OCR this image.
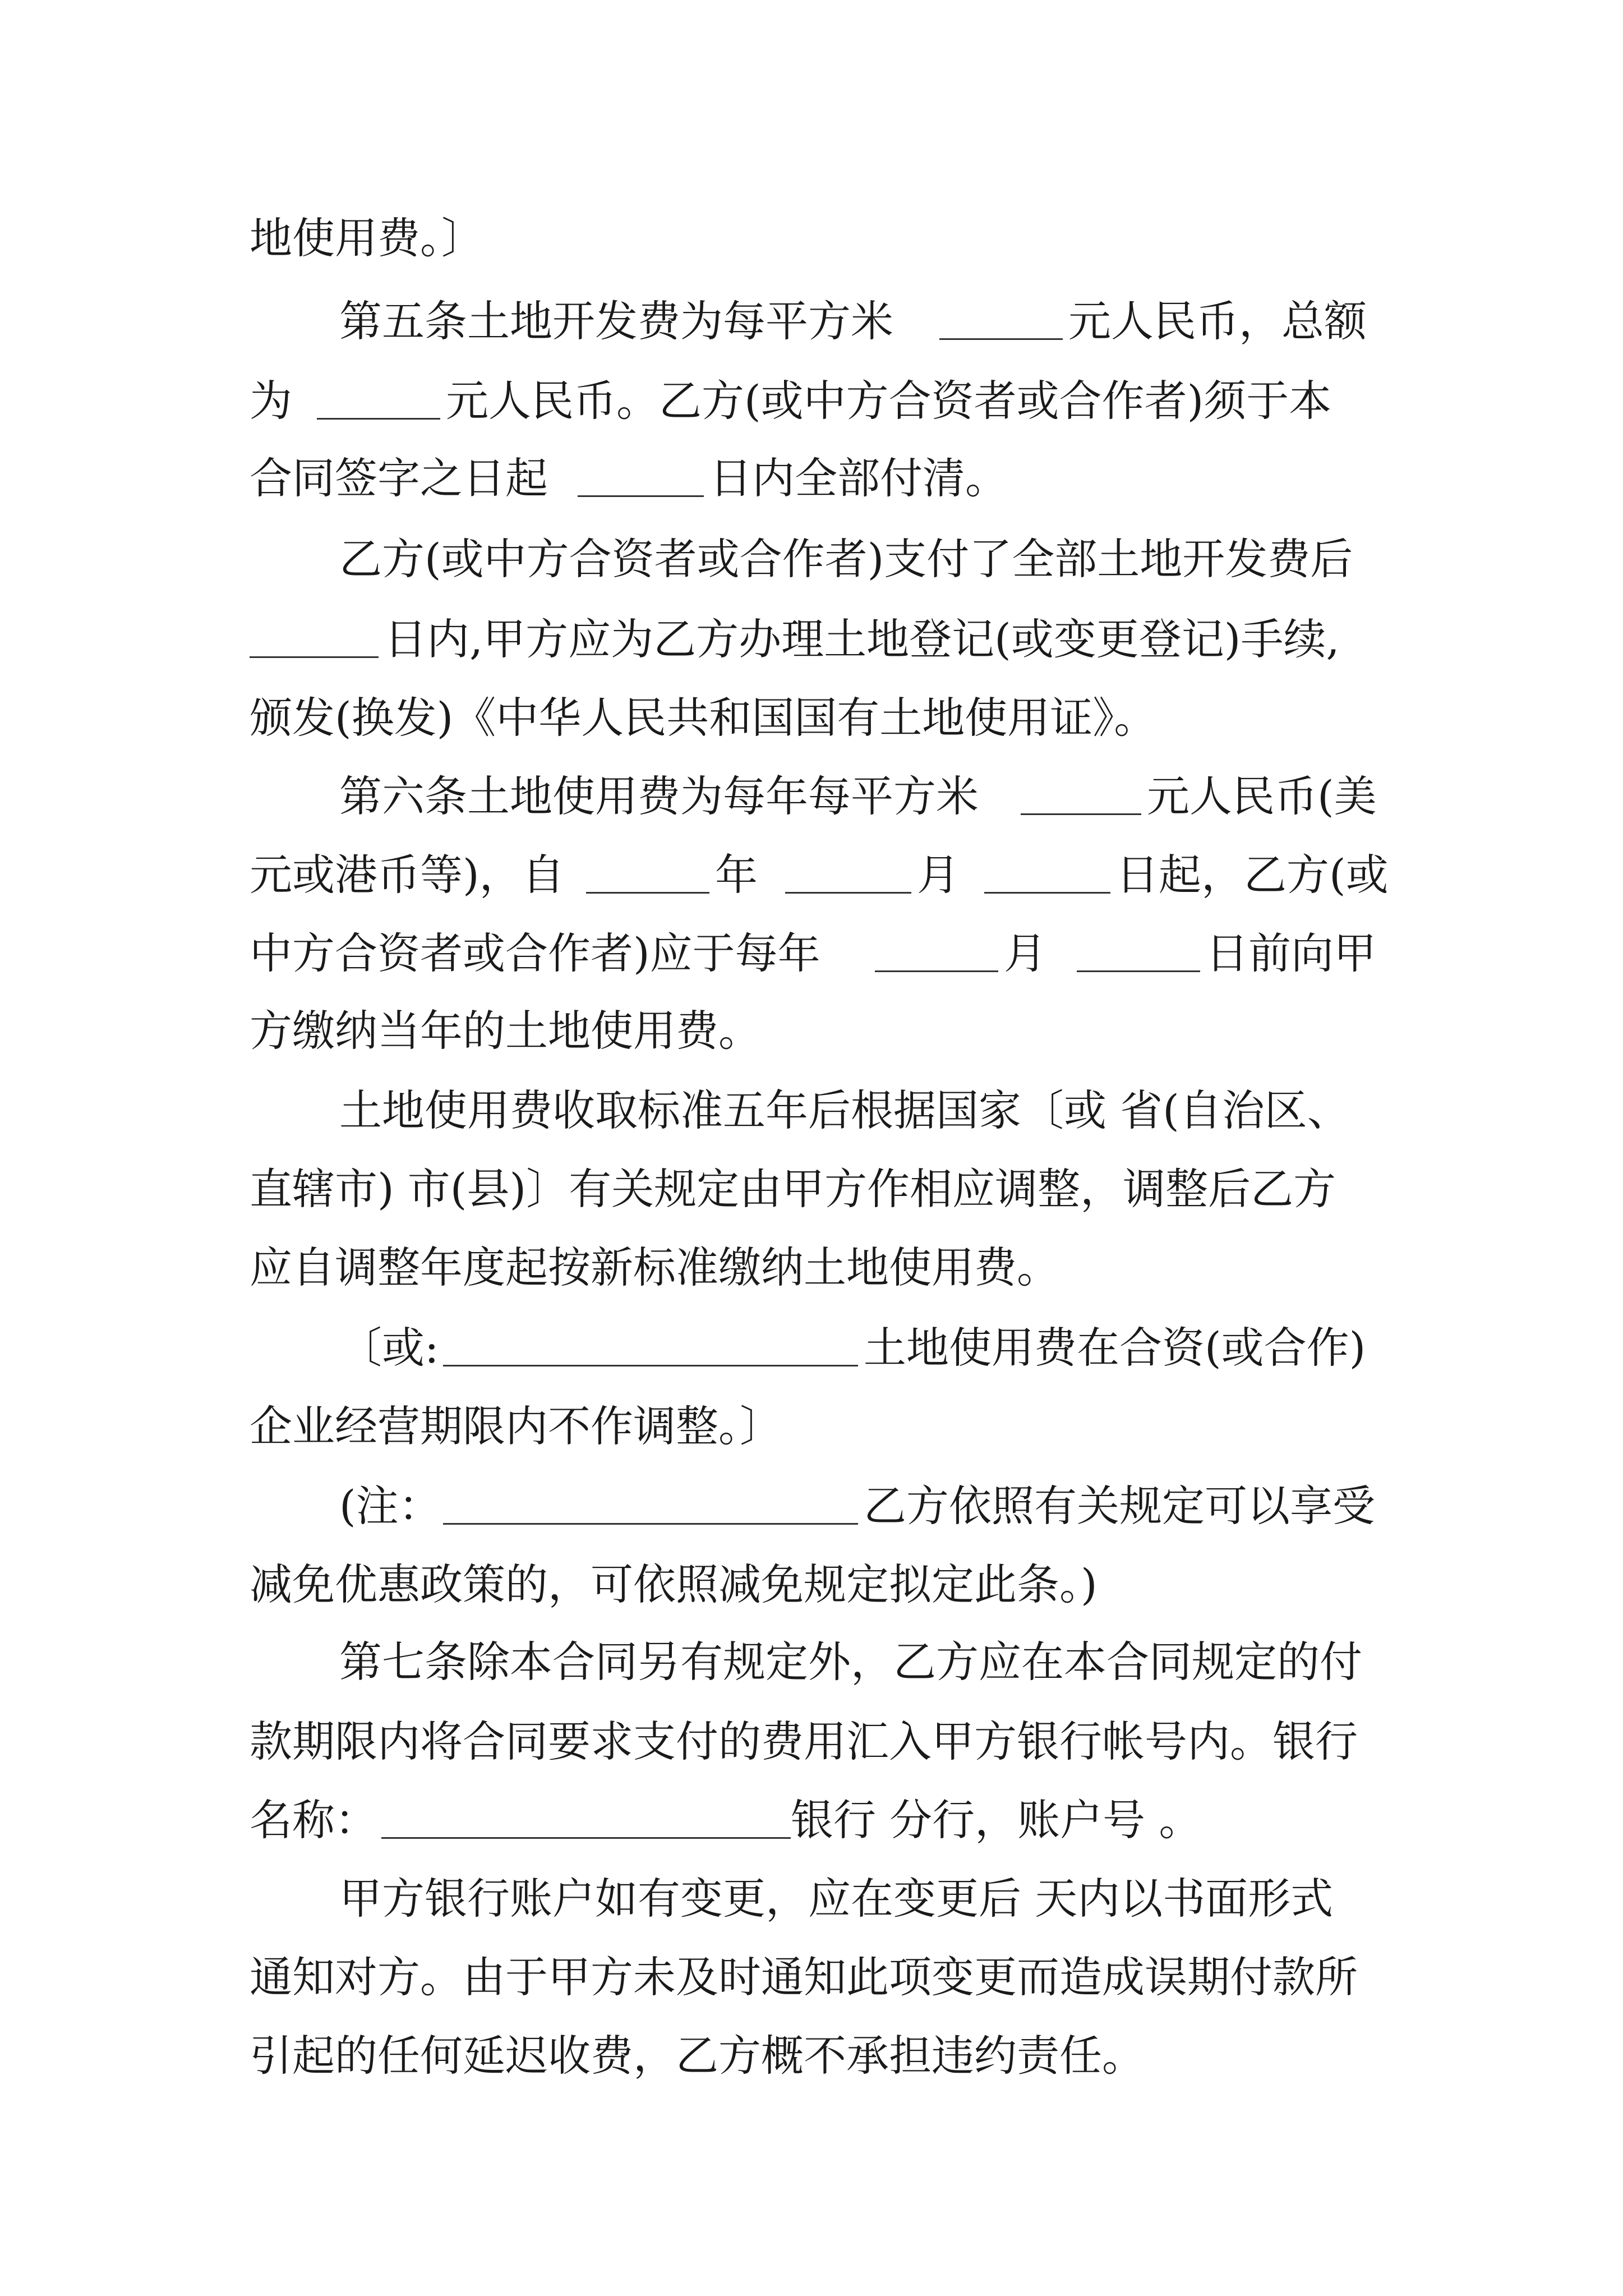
地使用费。〕
第五条土地开发费为每平方米	元人民币，总额
为	元人民币。乙方(或中方合资者或合作者)须于本
合同签字之日起	日内全部付清。
乙方(或中方合资者或合作者)支付了全部土地开发费后
日内,甲方应为乙方办理土地登记(或变更登记)手续,
颁发(换发)《中华人民共和国国有土地使用证》。
第六条土地使用费为每年每平方米	元人民币(美
元或港币等)，自	年	月	日起，乙方(或
中方合资者或合作者)应于每年	月	日前向甲
方缴纳当年的土地使用费。
土地使用费收取标准五年后根据国家〔或 省(自治区、
直辖市) 市(县)〕有关规定由甲方作相应调整，调整后乙方
应自调整年度起按新标准缴纳土地使用费。
〔或:	土地使用费在合资(或合作)
企业经营期限内不作调整。〕
(注：	乙方依照有关规定可以享受
减免优惠政策的，可依照减免规定拟定此条。)
第七条除本合同另有规定外，乙方应在本合同规定的付
款期限内将合同要求支付的费用汇入甲方银行帐号内。银行
名称：	银行 分行，账户号 。
甲方银行账户如有变更，应在变更后 天内以书面形式
通知对方。由于甲方未及时通知此项变更而造成误期付款所
引起的任何延迟收费，乙方概不承担违约责任。
